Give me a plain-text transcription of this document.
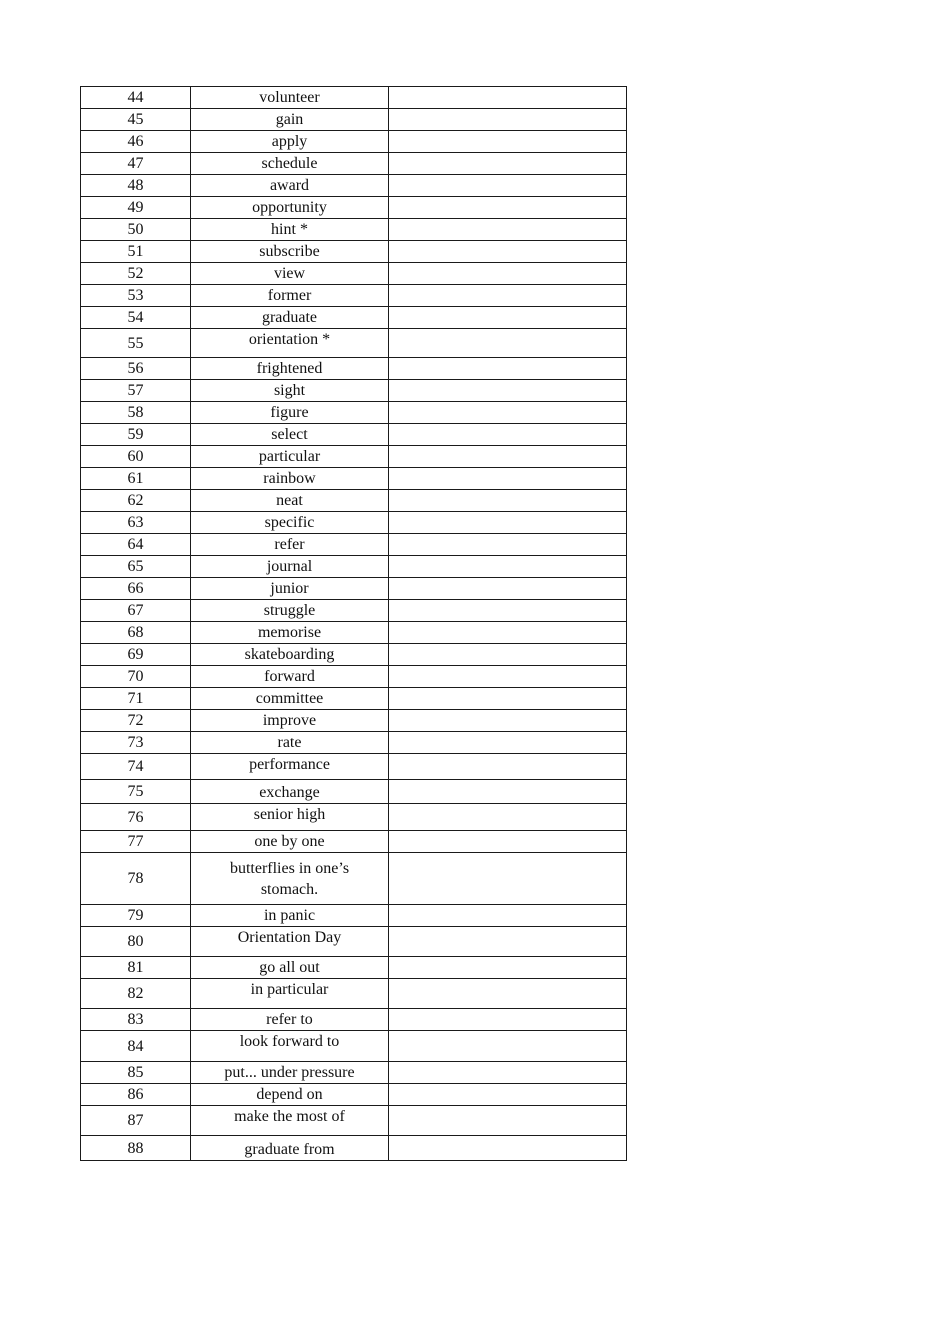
44	volunteer	
45	gain	
46	apply	
47	schedule	
48	award	
49	opportunity	
50	hint *	
51	subscribe	
52	view	
53	former	
54	graduate	
55	orientation *	
56	frightened	
57	sight	
58	figure	
59	select	
60	particular	
61	rainbow	
62	neat	
63	specific	
64	refer	
65	journal	
66	junior	
67	struggle	
68	memorise	
69	skateboarding	
70	forward	
71	committee	
72	improve	
73	rate	
74	performance	
75	exchange	
76	senior high	
77	one by one	
78	butterflies in one’s stomach.	
79	in panic	
80	Orientation Day	
81	go all out	
82	in particular	
83	refer to	
84	look forward to	
85	put... under pressure	
86	depend on	
87	make the most of	
88	graduate from	
